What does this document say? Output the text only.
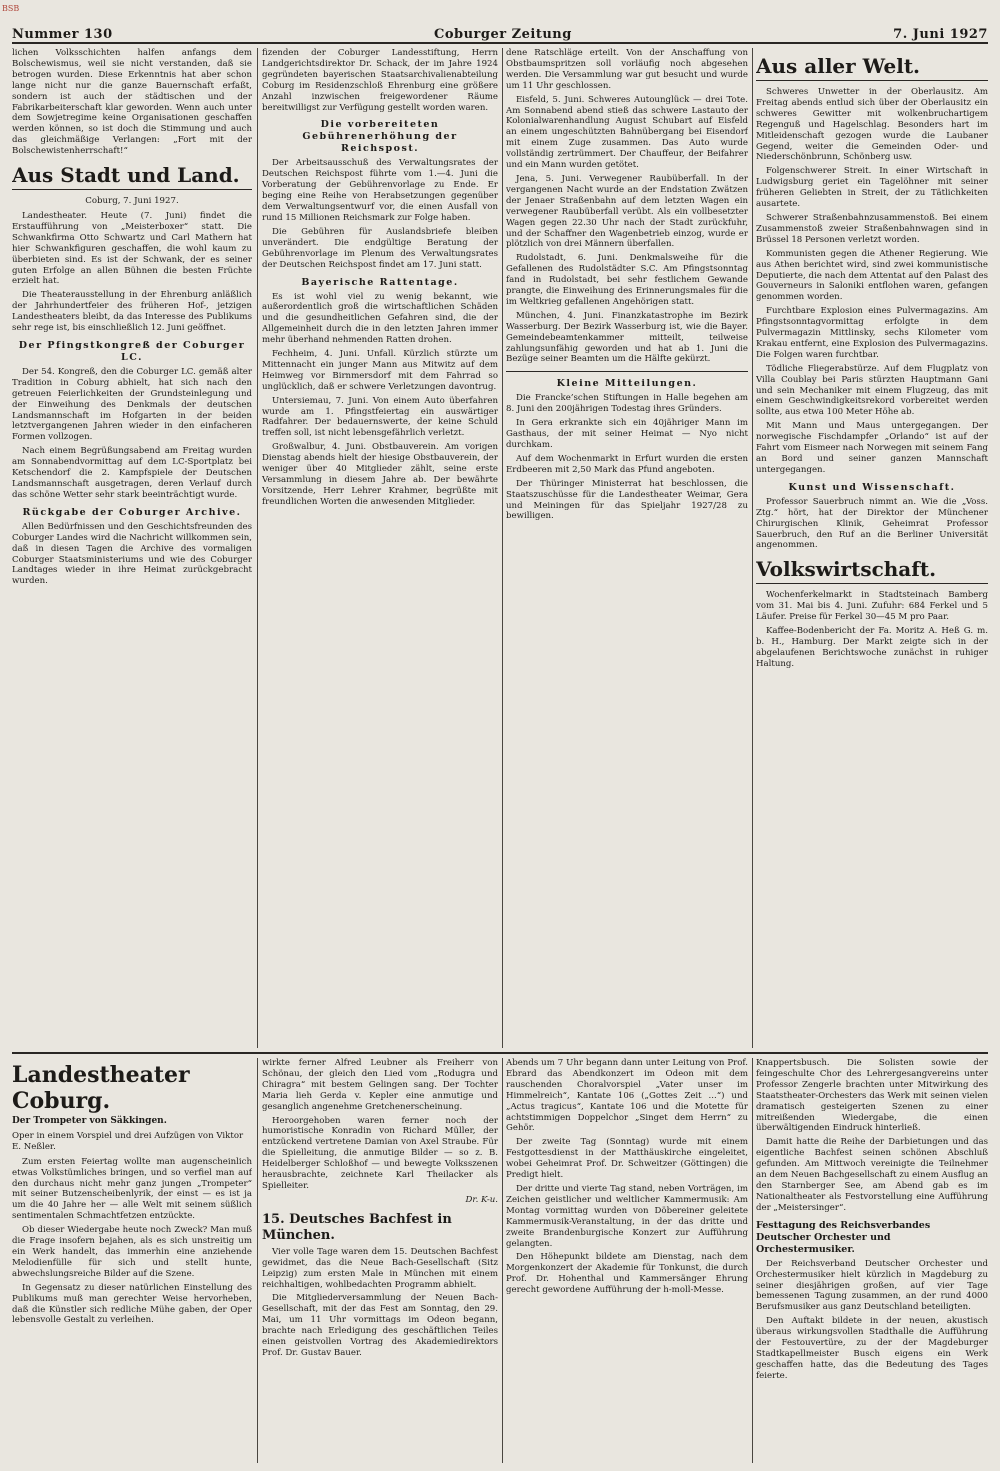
BSB
Nummer 130	Coburger Zeitung	7. Juni 1927

lichen Volksschichten halfen anfangs dem Bolschewismus, weil sie nicht verstanden, daß sie betrogen wurden. Diese Erkenntnis hat aber schon lange nicht nur die ganze Bauernschaft erfaßt, sondern ist auch der städtischen und der Fabrikarbeiterschaft klar geworden. Wenn auch unter dem Sowjetregime keine Organisationen geschaffen werden können, so ist doch die Stimmung und auch das gleichmäßige Verlangen: „Fort mit der Bolschewistenherrschaft!“

Aus Stadt und Land.
Coburg, 7. Juni 1927.

Landestheater. Heute (7. Juni) findet die Erstaufführung von „Meisterboxer“ statt. Die Schwankfirma Otto Schwartz und Carl Mathern hat hier Schwankfiguren geschaffen, die wohl kaum zu überbieten sind. Es ist der Schwank, der es seiner guten Erfolge an allen Bühnen die besten Früchte erzielt hat.

Die Theaterausstellung in der Ehrenburg anläßlich der Jahrhundertfeier des früheren Hof-, jetzigen Landestheaters bleibt, da das Interesse des Publikums sehr rege ist, bis einschließlich 12. Juni geöffnet.

Der Pfingstkongreß der Coburger LC.

Der 54. Kongreß, den die Coburger LC. gemäß alter Tradition in Coburg abhielt, hat sich nach den getreuen Feierlichkeiten der Grundsteinlegung und der Einweihung des Denkmals der deutschen Landsmannschaft im Hofgarten in der beiden letztvergangenen Jahren wieder in den einfacheren Formen vollzogen.

Nach einem Begrüßungsabend am Freitag wurden am Sonnabendvormittag auf dem LC-Sportplatz bei Ketschendorf die 2. Kampfspiele der Deutschen Landsmannschaft ausgetragen, deren Verlauf durch das schöne Wetter sehr stark beeinträchtigt wurde.

Rückgabe der Coburger Archive.

Allen Bedürfnissen und den Geschichtsfreunden des Coburger Landes wird die Nachricht willkommen sein, daß in diesen Tagen die Archive des vormaligen Coburger Staatsministeriums und wie des Coburger Landtages wieder in ihre Heimat zurückgebracht wurden.

fizenden der Coburger Landesstiftung, Herrn Landgerichtsdirektor Dr. Schack, der im Jahre 1924 gegründeten bayerischen Staatsarchivalienabteilung Coburg im Residenzschloß Ehrenburg eine größere Anzahl inzwischen freigewordener Räume bereitwilligst zur Verfügung gestellt worden waren.

Die vorbereiteten Gebührenerhöhung der Reichspost.

Der Arbeitsausschuß des Verwaltungsrates der Deutschen Reichspost führte vom 1.—4. Juni die Vorberatung der Gebührenvorlage zu Ende. Er beging eine Reihe von Herabsetzungen gegenüber dem Verwaltungsentwurf vor, die einen Ausfall von rund 15 Millionen Reichsmark zur Folge haben.

Die Gebühren für Auslandsbriefe bleiben unverändert. Die endgültige Beratung der Gebührenvorlage im Plenum des Verwaltungsrates der Deutschen Reichspost findet am 17. Juni statt.

Bayerische Rattentage.

Es ist wohl viel zu wenig bekannt, wie außerordentlich groß die wirtschaftlichen Schäden und die gesundheitlichen Gefahren sind, die der Allgemeinheit durch die in den letzten Jahren immer mehr überhand nehmenden Ratten drohen.

Fechheim, 4. Juni. Unfall. Kürzlich stürzte um Mittennacht ein junger Mann aus Mitwitz auf dem Heimweg vor Birnmersdorf mit dem Fahrrad so unglücklich, daß er schwere Verletzungen davontrug.

Untersiemau, 7. Juni. Von einem Auto überfahren wurde am 1. Pfingstfeiertag ein auswärtiger Radfahrer. Der bedauernswerte, der keine Schuld treffen soll, ist nicht lebensgefährlich verletzt.

Großwalbur, 4. Juni. Obstbauverein. Am vorigen Dienstag abends hielt der hiesige Obstbauverein, der weniger über 40 Mitglieder zählt, seine erste Versammlung in diesem Jahre ab. Der bewährte Vorsitzende, Herr Lehrer Krahmer, begrüßte mit freundlichen Worten die anwesenden Mitglieder.

dene Ratschläge erteilt. Von der Anschaffung von Obstbaumspritzen soll vorläufig noch abgesehen werden. Die Versammlung war gut besucht und wurde um 11 Uhr geschlossen.

Eisfeld, 5. Juni. Schweres Autounglück — drei Tote. Am Sonnabend abend stieß das schwere Lastauto der Kolonialwarenhandlung August Schubart auf Eisfeld an einem ungeschützten Bahnübergang bei Eisendorf mit einem Zuge zusammen. Das Auto wurde vollständig zertrümmert. Der Chauffeur, der Beifahrer und ein Mann wurden getötet.

Jena, 5. Juni. Verwegener Raubüberfall. In der vergangenen Nacht wurde an der Endstation Zwätzen der Jenaer Straßenbahn auf dem letzten Wagen ein verwegener Raubüberfall verübt. Als ein vollbesetzter Wagen gegen 22.30 Uhr nach der Stadt zurückfuhr, und der Schaffner den Wagenbetrieb einzog, wurde er plötzlich von drei Männern überfallen.

Rudolstadt, 6. Juni. Denkmalsweihe für die Gefallenen des Rudolstädter S.C. Am Pfingstsonntag fand in Rudolstadt, bei sehr festlichem Gewande prangte, die Einweihung des Erinnerungsmales für die im Weltkrieg gefallenen Angehörigen statt.

München, 4. Juni. Finanzkatastrophe im Bezirk Wasserburg. Der Bezirk Wasserburg ist, wie die Bayer. Gemeindebeamtenkammer mitteilt, teilweise zahlungsunfähig geworden und hat ab 1. Juni die Bezüge seiner Beamten um die Hälfte gekürzt.

Kleine Mitteilungen.

Die Francke’schen Stiftungen in Halle begehen am 8. Juni den 200jährigen Todestag ihres Gründers.

In Gera erkrankte sich ein 40jähriger Mann im Gasthaus, der mit seiner Heimat — Nyo nicht durchkam.

Auf dem Wochenmarkt in Erfurt wurden die ersten Erdbeeren mit 2,50 Mark das Pfund angeboten.

Der Thüringer Ministerrat hat beschlossen, die Staatszuschüsse für die Landestheater Weimar, Gera und Meiningen für das Spieljahr 1927/28 zu bewilligen.

Aus aller Welt.

Schweres Unwetter in der Oberlausitz. Am Freitag abends entlud sich über der Oberlausitz ein schweres Gewitter mit wolkenbruchartigem Regenguß und Hagelschlag. Besonders hart im Mitleidenschaft gezogen wurde die Laubaner Gegend, weiter die Gemeinden Oder- und Niederschönbrunn, Schönberg usw.

Folgenschwerer Streit. In einer Wirtschaft in Ludwigsburg geriet ein Tagelöhner mit seiner früheren Geliebten in Streit, der zu Tätlichkeiten ausartete.

Schwerer Straßenbahnzusammenstoß. Bei einem Zusammenstoß zweier Straßenbahnwagen sind in Brüssel 18 Personen verletzt worden.

Kommunisten gegen die Athener Regierung. Wie aus Athen berichtet wird, sind zwei kommunistische Deputierte, die nach dem Attentat auf den Palast des Gouverneurs in Saloniki entflohen waren, gefangen genommen worden.

Furchtbare Explosion eines Pulvermagazins. Am Pfingstsonntagvormittag erfolgte in dem Pulvermagazin Mittlinsky, sechs Kilometer vom Krakau entfernt, eine Explosion des Pulvermagazins. Die Folgen waren furchtbar.

Tödliche Fliegerabstürze. Auf dem Flugplatz von Villa Coublay bei Paris stürzten Hauptmann Gani und sein Mechaniker mit einem Flugzeug, das mit einem Geschwindigkeitsrekord vorbereitet werden sollte, aus etwa 100 Meter Höhe ab.

Mit Mann und Maus untergegangen. Der norwegische Fischdampfer „Orlando“ ist auf der Fahrt vom Eismeer nach Norwegen mit seinem Fang an Bord und seiner ganzen Mannschaft untergegangen.

Kunst und Wissenschaft.

Professor Sauerbruch nimmt an. Wie die „Voss. Ztg.“ hört, hat der Direktor der Münchener Chirurgischen Klinik, Geheimrat Professor Sauerbruch, den Ruf an die Berliner Universität angenommen.

Volkswirtschaft.

Wochenferkelmarkt in Stadtsteinach Bamberg vom 31. Mai bis 4. Juni. Zufuhr: 684 Ferkel und 5 Läufer. Preise für Ferkel 30—45 M pro Paar.

Kaffee-Bodenbericht der Fa. Moritz A. Heß G. m. b. H., Hamburg. Der Markt zeigte sich in der abgelaufenen Berichtswoche zunächst in ruhiger Haltung.

Landestheater Coburg.
Der Trompeter von Säkkingen.
Oper in einem Vorspiel und drei Aufzügen von Viktor E. Neßler.

Zum ersten Feiertag wollte man augenscheinlich etwas Volkstümliches bringen, und so verfiel man auf den durchaus nicht mehr ganz jungen „Trompeter“ mit seiner Butzenscheibenlyrik, der einst — es ist ja um die 40 Jahre her — alle Welt mit seinem süßlich sentimentalen Schmachtfetzen entzückte.

Ob dieser Wiedergabe heute noch Zweck? Man muß die Frage insofern bejahen, als es sich unstreitig um ein Werk handelt, das immerhin eine anziehende Melodienfülle für sich und stellt hunte, abwechslungsreiche Bilder auf die Szene.

In Gegensatz zu dieser natürlichen Einstellung des Publikums muß man gerechter Weise hervorheben, daß die Künstler sich redliche Mühe gaben, der Oper lebensvolle Gestalt zu verleihen.

wirkte ferner Alfred Leubner als Freiherr von Schönau, der gleich den Lied vom „Rodugra und Chiragra“ mit bestem Gelingen sang. Der Tochter Maria lieh Gerda v. Kepler eine anmutige und gesanglich angenehme Gretchenerscheinung.

Heroorgehoben waren ferner noch der humoristische Konradin von Richard Müller, der entzückend vertretene Damian von Axel Straube. Für die Spielleitung, die anmutige Bilder — so z. B. Heidelberger Schloßhof — und bewegte Volksszenen herausbrachte, zeichnete Karl Theilacker als Spielleiter.

Dr. K-u.
15. Deutsches Bachfest in München.

Vier volle Tage waren dem 15. Deutschen Bachfest gewidmet, das die Neue Bach-Gesellschaft (Sitz Leipzig) zum ersten Male in München mit einem reichhaltigen, wohlbedachten Programm abhielt.

Die Mitgliederversammlung der Neuen Bach-Gesellschaft, mit der das Fest am Sonntag, den 29. Mai, um 11 Uhr vormittags im Odeon begann, brachte nach Erledigung des geschäftlichen Teiles einen geistvollen Vortrag des Akademiedirektors Prof. Dr. Gustav Bauer.

Abends um 7 Uhr begann dann unter Leitung von Prof. Ebrard das Abendkonzert im Odeon mit dem rauschenden Choralvorspiel „Vater unser im Himmelreich“, Kantate 106 („Gottes Zeit ...“) und „Actus tragicus“, Kantate 106 und die Motette für achtstimmigen Doppelchor „Singet dem Herrn“ zu Gehör.

Der zweite Tag (Sonntag) wurde mit einem Festgottesdienst in der Matthäuskirche eingeleitet, wobei Geheimrat Prof. Dr. Schweitzer (Göttingen) die Predigt hielt.

Der dritte und vierte Tag stand, neben Vorträgen, im Zeichen geistlicher und weltlicher Kammermusik: Am Montag vormittag wurden von Döbereiner geleitete Kammermusik-Veranstaltung, in der das dritte und zweite Brandenburgische Konzert zur Aufführung gelangten.

Den Höhepunkt bildete am Dienstag, nach dem Morgenkonzert der Akademie für Tonkunst, die durch Prof. Dr. Hohenthal und Kammersänger Ehrung gerecht gewordene Aufführung der h-moll-Messe.

Knappertsbusch. Die Solisten sowie der feingeschulte Chor des Lehrergesangvereins unter Professor Zengerle brachten unter Mitwirkung des Staatstheater-Orchesters das Werk mit seinen vielen dramatisch gesteigerten Szenen zu einer mitreißenden Wiedergabe, die einen überwältigenden Eindruck hinterließ.

Damit hatte die Reihe der Darbietungen und das eigentliche Bachfest seinen schönen Abschluß gefunden. Am Mittwoch vereinigte die Teilnehmer an dem Neuen Bachgesellschaft zu einem Ausflug an den Starnberger See, am Abend gab es im Nationaltheater als Festvorstellung eine Aufführung der „Meistersinger“.

Festtagung des Reichsverbandes Deutscher Orchester und Orchestermusiker.

Der Reichsverband Deutscher Orchester und Orchestermusiker hielt kürzlich in Magdeburg zu seiner diesjährigen großen, auf vier Tage bemessenen Tagung zusammen, an der rund 4000 Berufsmusiker aus ganz Deutschland beteiligten.

Den Auftakt bildete in der neuen, akustisch überaus wirkungsvollen Stadthalle die Aufführung der Festouvertüre, zu der der Magdeburger Stadtkapellmeister Busch eigens ein Werk geschaffen hatte, das die Bedeutung des Tages feierte.
